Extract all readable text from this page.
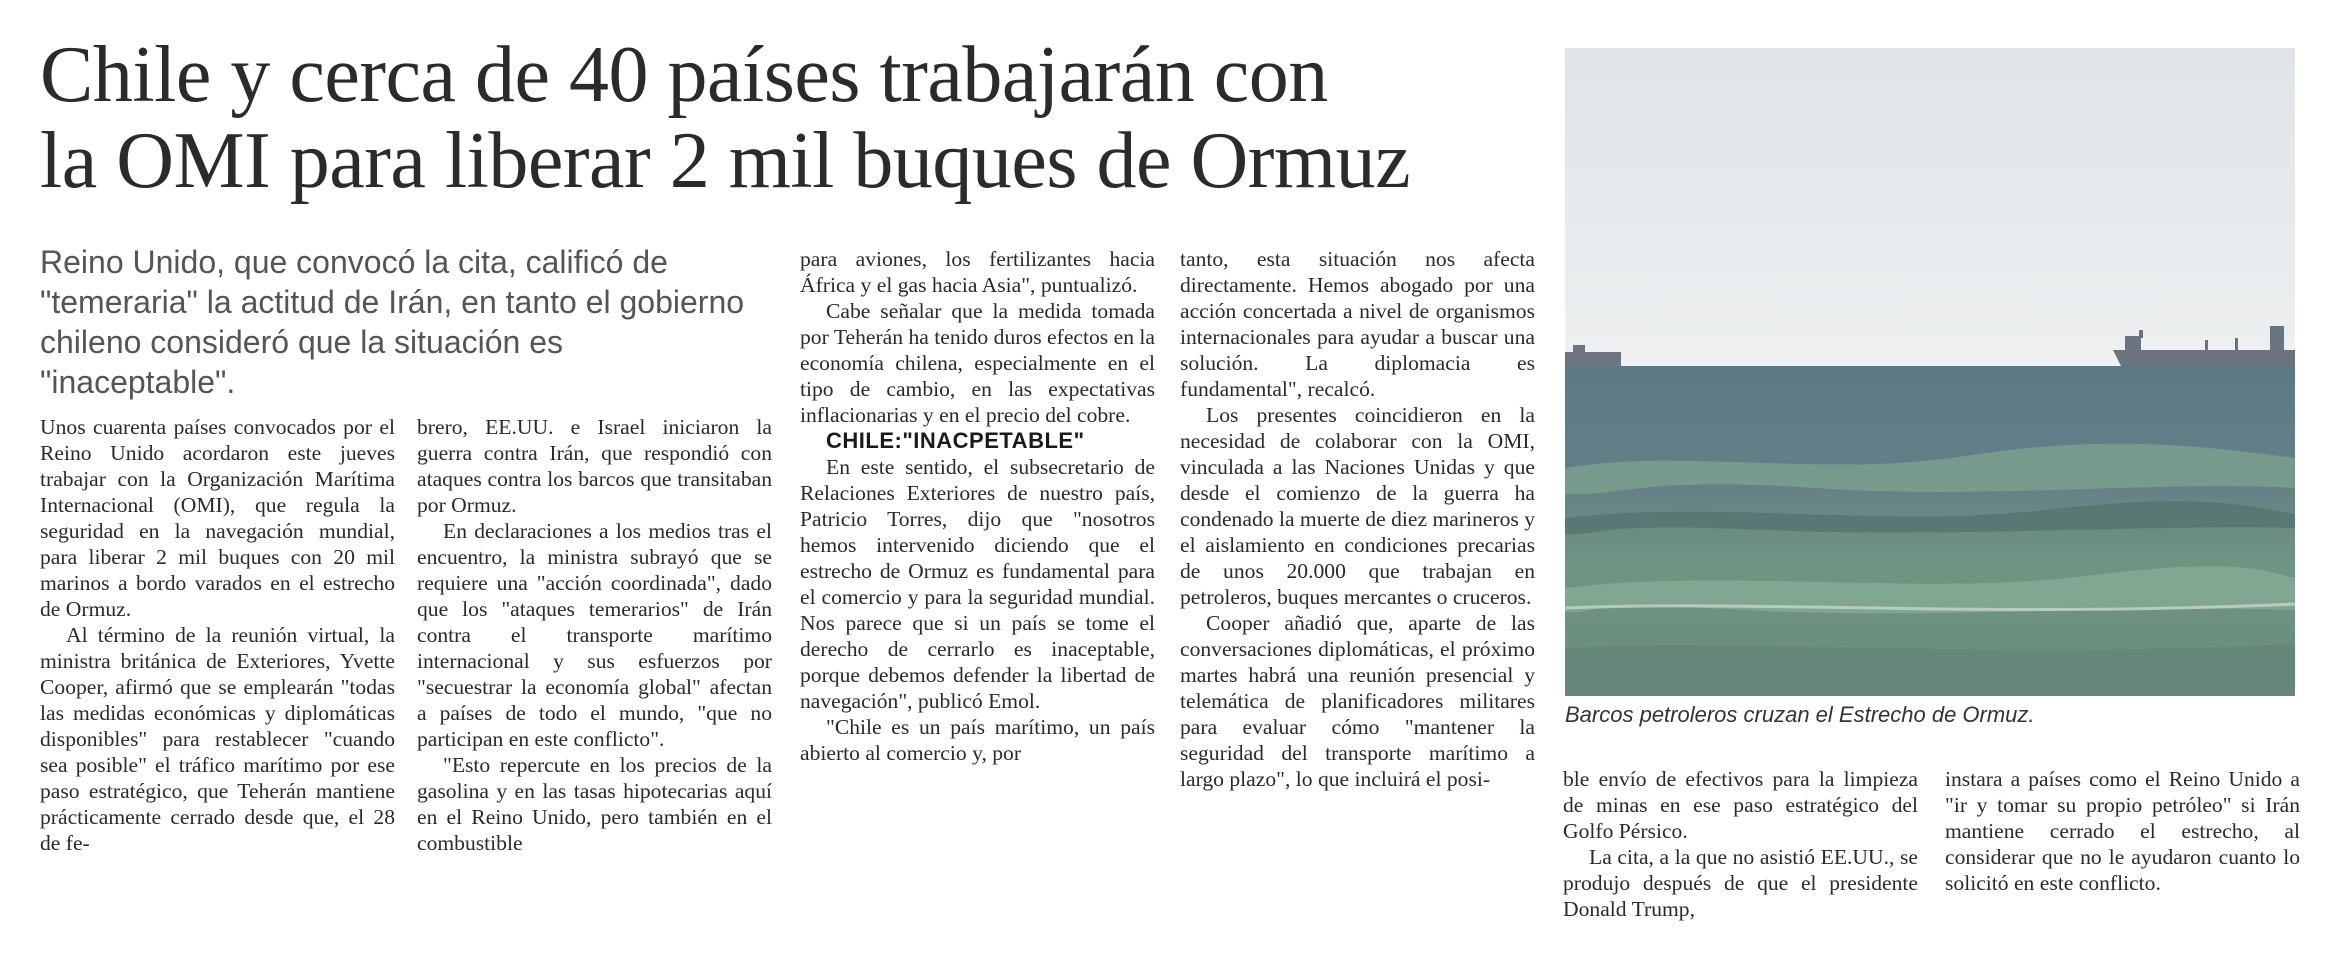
Chile y cerca de 40 países trabajarán con
la OMI para liberar 2 mil buques de Ormuz

Reino Unido, que convocó la cita, calificó de "temeraria" la actitud de Irán, en tanto el gobierno chileno consideró que la situación es "inaceptable".

Unos cuarenta países convocados por el Reino Unido acordaron este jueves trabajar con la Organización Marítima Internacional (OMI), que regula la seguridad en la navegación mundial, para liberar 2 mil buques con 20 mil marinos a bordo varados en el estrecho de Ormuz.

Al término de la reunión virtual, la ministra británica de Exteriores, Yvette Cooper, afirmó que se emplearán "todas las medidas económicas y diplomáticas disponibles" para restablecer "cuando sea posible" el tráfico marítimo por ese paso estratégico, que Teherán mantiene prácticamente cerrado desde que, el 28 de fe-

brero, EE.UU. e Israel iniciaron la guerra contra Irán, que respondió con ataques contra los barcos que transitaban por Ormuz.

En declaraciones a los medios tras el encuentro, la ministra subrayó que se requiere una "acción coordinada", dado que los "ataques temerarios" de Irán contra el transporte marítimo internacional y sus esfuerzos por "secuestrar la economía global" afectan a países de todo el mundo, "que no participan en este conflicto".

"Esto repercute en los precios de la gasolina y en las tasas hipotecarias aquí en el Reino Unido, pero también en el combustible

para aviones, los fertilizantes hacia África y el gas hacia Asia", puntualizó.

Cabe señalar que la medida tomada por Teherán ha tenido duros efectos en la economía chilena, especialmente en el tipo de cambio, en las expectativas inflacionarias y en el precio del cobre.

CHILE:"INACPETABLE"

En este sentido, el subsecretario de Relaciones Exteriores de nuestro país, Patricio Torres, dijo que "nosotros hemos intervenido diciendo que el estrecho de Ormuz es fundamental para el comercio y para la seguridad mundial. Nos parece que si un país se tome el derecho de cerrarlo es inaceptable, porque debemos defender la libertad de navegación", publicó Emol.

"Chile es un país marítimo, un país abierto al comercio y, por

tanto, esta situación nos afecta directamente. Hemos abogado por una acción concertada a nivel de organismos internacionales para ayudar a buscar una solución. La diplomacia es fundamental", recalcó.

Los presentes coincidieron en la necesidad de colaborar con la OMI, vinculada a las Naciones Unidas y que desde el comienzo de la guerra ha condenado la muerte de diez marineros y el aislamiento en condiciones precarias de unos 20.000 que trabajan en petroleros, buques mercantes o cruceros.

Cooper añadió que, aparte de las conversaciones diplomáticas, el próximo martes habrá una reunión presencial y telemática de planificadores militares para evaluar cómo "mantener la seguridad del transporte marítimo a largo plazo", lo que incluirá el posi-	ble envío de efectivos para la limpieza de minas en ese paso estratégico del Golfo Pérsico.

La cita, a la que no asistió EE.UU., se produjo después de que el presidente Donald Trump,

instara a países como el Reino Unido a "ir y tomar su propio petróleo" si Irán mantiene cerrado el estrecho, al considerar que no le ayudaron cuanto lo solicitó en este conflicto.

Barcos petroleros cruzan el Estrecho de Ormuz.
